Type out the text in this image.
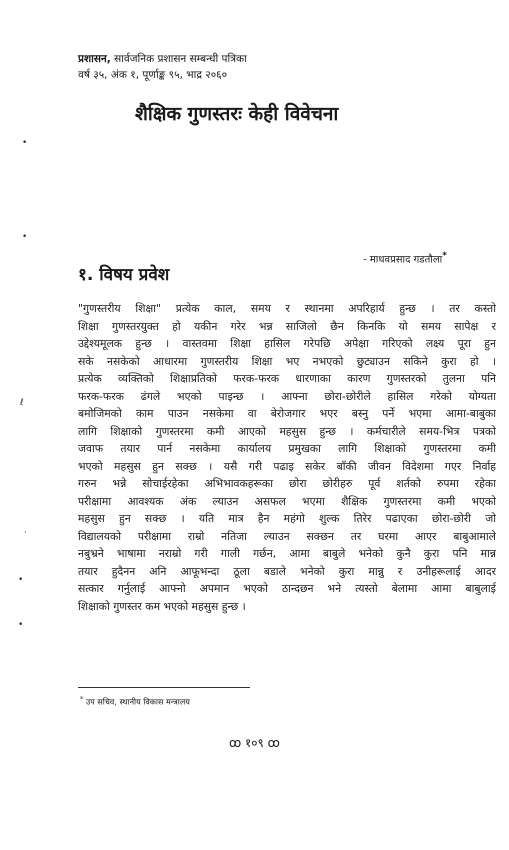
प्रशासन, सार्वजनिक प्रशासन सम्बन्धी पत्रिका
वर्ष ३५, अंक १, पूर्णाङ्क ९५, भाद्र २०६०
शैक्षिक गुणस्तरः केही विवेचना
- माधवप्रसाद गडतौला*
१. विषय प्रवेश
"गुणस्तरीय शिक्षा" प्रत्येक काल, समय र स्थानमा अपरिहार्य हुन्छ । तर कस्तो
शिक्षा गुणस्तरयुक्त हो यकीन गरेर भन्न साजिलो छैन किनकि यो समय सापेक्ष र
उद्देश्यमूलक हुन्छ । वास्तवमा शिक्षा हासिल गरेपछि अपेक्षा गरिएको लक्ष्य पूरा हुन
सके नसकेको आधारमा गुणस्तरीय शिक्षा भए नभएको छुट्याउन सकिने कुरा हो ।
प्रत्येक व्यक्तिको शिक्षाप्रतिको फरक-फरक धारणाका कारण गुणस्तरको तुलना पनि
फरक-फरक ढंगले भएको पाइन्छ । आफ्ना छोरा-छोरीले हासिल गरेको योग्यता
बमोजिमको काम पाउन नसकेमा वा बेरोजगार भएर बस्नु पर्ने भएमा आमा-बाबुका
लागि शिक्षाको गुणस्तरमा कमी आएको महसुस हुन्छ । कर्मचारीले समय-भित्र पत्रको
जवाफ तयार पार्न नसकेमा कार्यालय प्रमुखका लागि शिक्षाको गुणस्तरमा कमी
भएको महसुस हुन सक्छ । यसै गरी पढाइ सकेर बाँकी जीवन विदेशमा गएर निर्वाह
गरुन भन्ने सोचाईरहेका अभिभावकहरूका छोरा छोरीहरु पूर्व शर्तको रुपमा रहेका
परीक्षामा आवश्यक अंक ल्याउन असफल भएमा शैक्षिक गुणस्तरमा कमी भएको
महसुस हुन सक्छ । यति मात्र हैन महंगो शुल्क तिरेर पढाएका छोरा-छोरी जो
विद्यालयको परीक्षामा राम्रो नतिजा ल्याउन सक्छन तर घरमा आएर बाबुआमाले
नबुभ्रने भाषामा नराम्रो गरी गाली गर्छन, आमा बाबुले भनेको कुनै कुरा पनि मान्न
तयार हुदैनन अनि आफूभन्दा ठूला बडाले भनेको कुरा मान्नु र उनीहरूलाई आदर
सत्कार गर्नुलाई आफ्नो अपमान भएको ठान्दछन भने त्यस्तो बेलामा आमा बाबुलाई
शिक्षाको गुणस्तर कम भएको महसुस हुन्छ ।
* उप सचिव, स्थानीय विकास मन्त्रालय
ꝏ १०९ ꝏ
•
•
ℓ
·
•
•
